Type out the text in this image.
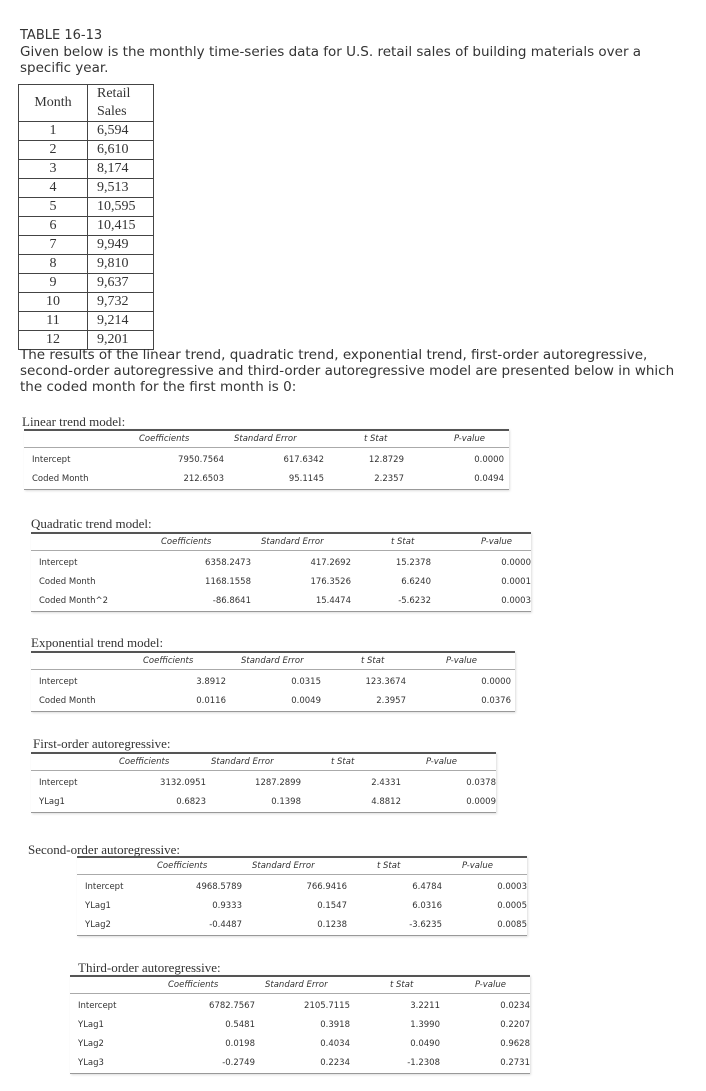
TABLE 16-13
Given below is the monthly time-series data for U.S. retail sales of building materials over a specific year.
Month	Retail Sales
1	6,594
2	6,610
3	8,174
4	9,513
5	10,595
6	10,415
7	9,949
8	9,810
9	9,637
10	9,732
11	9,214
12	9,201
The results of the linear trend, quadratic trend, exponential trend, first-order autoregressive, second-order autoregressive and third-order autoregressive model are presented below in which the coded month for the first month is 0:
Linear trend model:
Coefficients	Standard Error	t Stat	P-value
Intercept	7950.7564	617.6342	12.8729	0.0000
Coded Month	212.6503	95.1145	2.2357	0.0494
Quadratic trend model:
Coefficients	Standard Error	t Stat	P-value
Intercept	6358.2473	417.2692	15.2378	0.0000
Coded Month	1168.1558	176.3526	6.6240	0.0001
Coded Month^2	-86.8641	15.4474	-5.6232	0.0003
Exponential trend model:
Coefficients	Standard Error	t Stat	P-value
Intercept	3.8912	0.0315	123.3674	0.0000
Coded Month	0.0116	0.0049	2.3957	0.0376
First-order autoregressive:
Coefficients	Standard Error	t Stat	P-value
Intercept	3132.0951	1287.2899	2.4331	0.0378
YLag1	0.6823	0.1398	4.8812	0.0009
Second-order autoregressive:
Coefficients	Standard Error	t Stat	P-value
Intercept	4968.5789	766.9416	6.4784	0.0003
YLag1	0.9333	0.1547	6.0316	0.0005
YLag2	-0.4487	0.1238	-3.6235	0.0085
Third-order autoregressive:
Coefficients	Standard Error	t Stat	P-value
Intercept	6782.7567	2105.7115	3.2211	0.0234
YLag1	0.5481	0.3918	1.3990	0.2207
YLag2	0.0198	0.4034	0.0490	0.9628
YLag3	-0.2749	0.2234	-1.2308	0.2731
